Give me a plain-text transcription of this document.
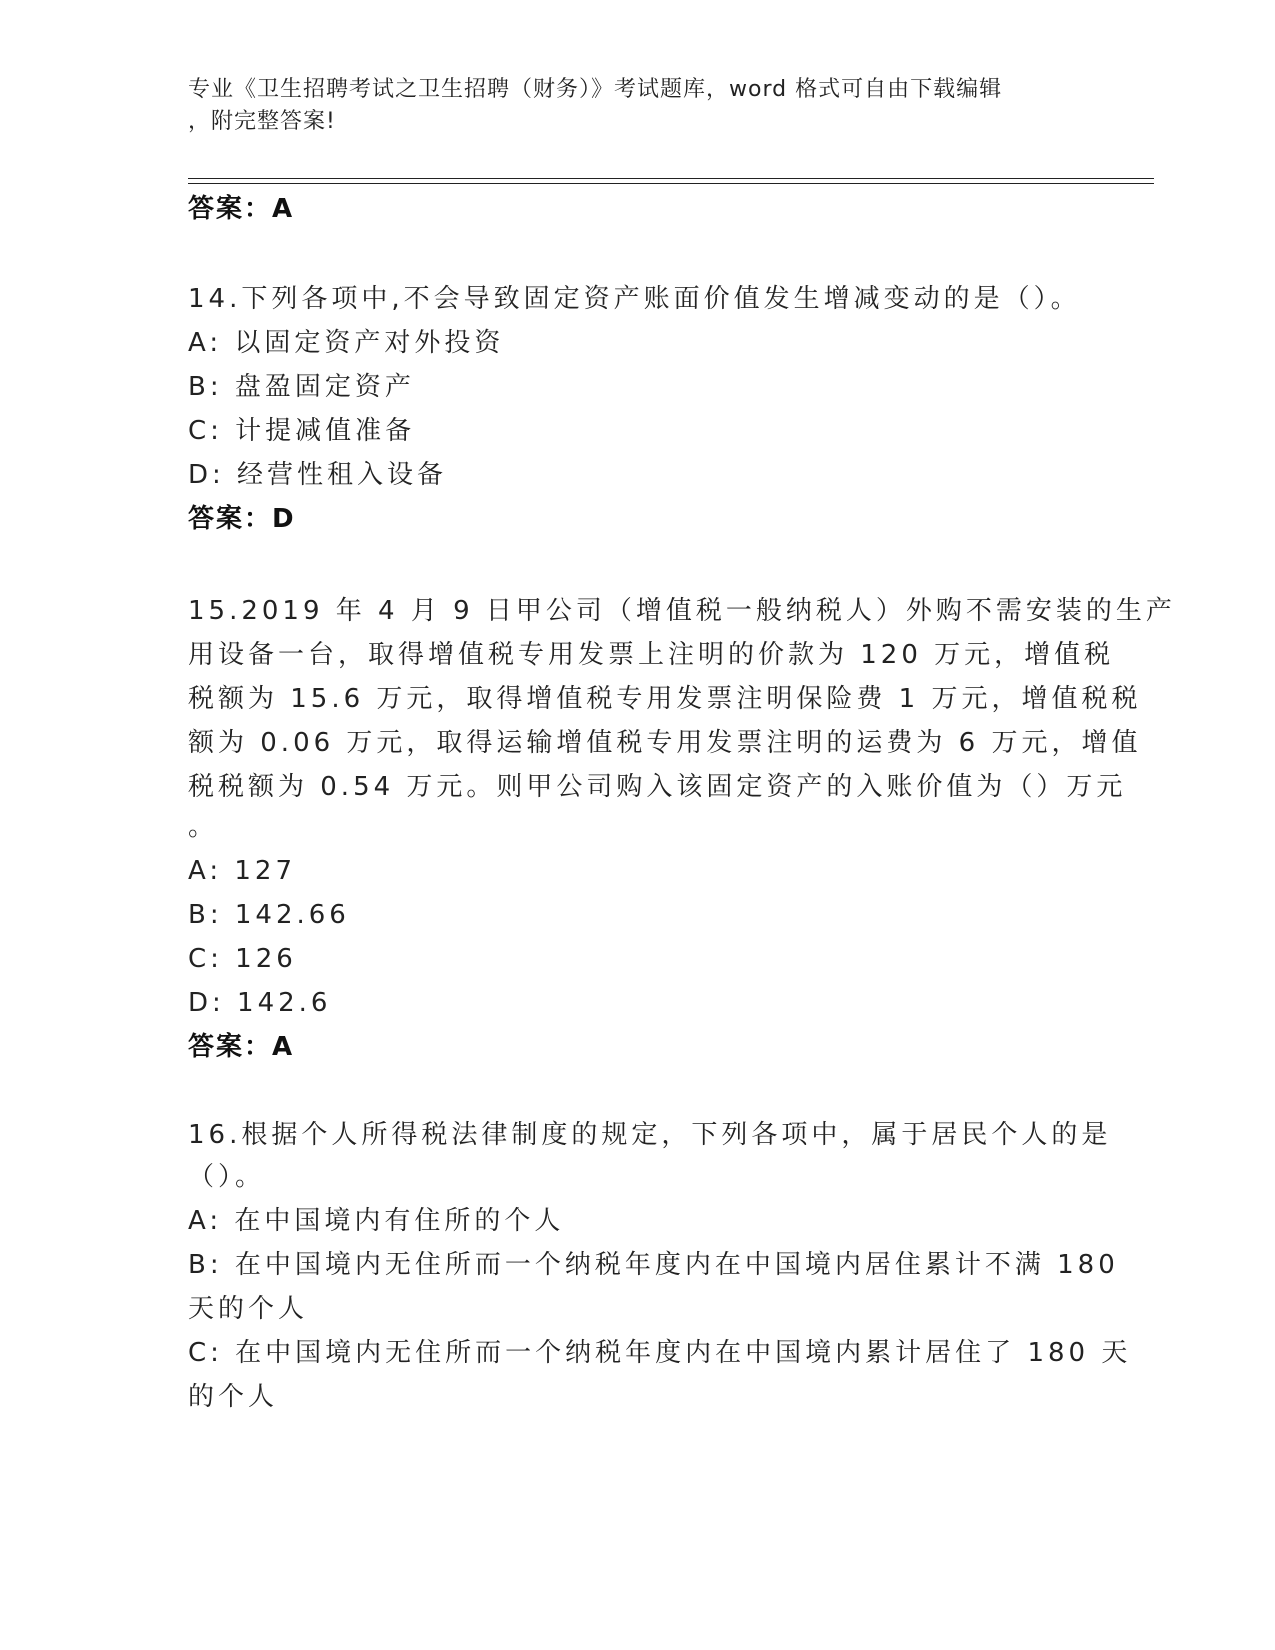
专业《卫生招聘考试之卫生招聘（财务）》考试题库，word 格式可自由下载编辑
，附完整答案!
答案：A
14.下列各项中,不会导致固定资产账面价值发生增减变动的是（）。
A: 以固定资产对外投资
B: 盘盈固定资产
C: 计提减值准备
D: 经营性租入设备
答案：D
15.2019 年 4 月 9 日甲公司（增值税一般纳税人）外购不需安装的生产
用设备一台，取得增值税专用发票上注明的价款为 120 万元，增值税
税额为 15.6 万元，取得增值税专用发票注明保险费 1 万元，增值税税
额为 0.06 万元，取得运输增值税专用发票注明的运费为 6 万元，增值
税税额为 0.54 万元。则甲公司购入该固定资产的入账价值为（）万元
。
A: 127
B: 142.66
C: 126
D: 142.6
答案：A
16.根据个人所得税法律制度的规定，下列各项中，属于居民个人的是
（）。
A: 在中国境内有住所的个人
B: 在中国境内无住所而一个纳税年度内在中国境内居住累计不满 180
天的个人
C: 在中国境内无住所而一个纳税年度内在中国境内累计居住了 180 天
的个人
